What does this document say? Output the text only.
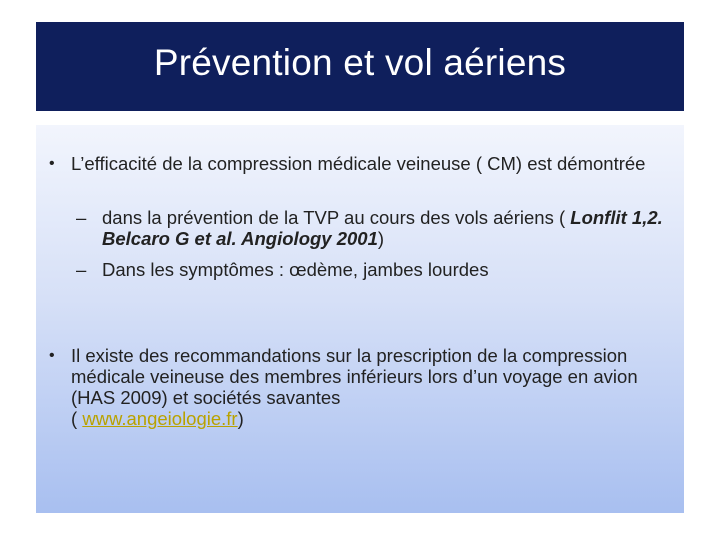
Prévention et vol aériens
• L’efficacité de la compression médicale veineuse ( CM) est démontrée
– dans la prévention de la TVP au cours des vols aériens ( Lonflit 1,2. Belcaro G et al. Angiology 2001)
– Dans les symptômes : œdème, jambes lourdes
• Il existe des recommandations sur la prescription de la compression médicale veineuse des membres inférieurs lors d’un voyage en avion (HAS 2009) et sociétés savantes
( www.angeiologie.fr)
